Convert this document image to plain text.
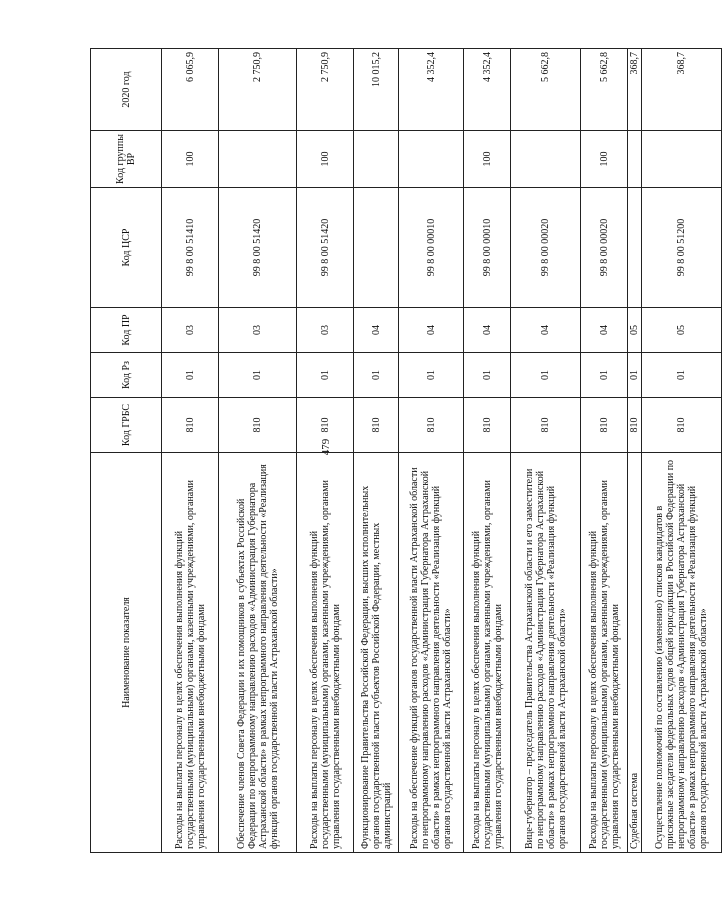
479
Наименование показателя	Код ГРБС	Код Рз	Код ПР	Код ЦСР	Код группы ВР	2020 год
Расходы на выплаты персоналу в целях обеспечения выполнения функций государственными (муниципальными) органами, казенными учреждениями, органами управления государственными внебюджетными фондами	810	01	03	99 8 00 51410	100	6 065,9
Обеспечение членов Совета Федерации и их помощников в субъектах Российской Федерации по непрограммному направлению расходов «Администрация Губернатора Астраханской области» в рамках непрограммного направления деятельности «Реализация функций органов государственной власти Астраханской области»	810	01	03	99 8 00 51420		2 750,9
Расходы на выплаты персоналу в целях обеспечения выполнения функций государственными (муниципальными) органами, казенными учреждениями, органами управления государственными внебюджетными фондами	810	01	03	99 8 00 51420	100	2 750,9
Функционирование Правительства Российской Федерации, высших исполнительных органов государственной власти субъектов Российской Федерации, местных администраций	810	01	04			10 015,2
Расходы на обеспечение функций органов государственной власти Астраханской области по непрограммному направлению расходов «Администрация Губернатора Астраханской области» в рамках непрограммного направления деятельности «Реализация функций органов государственной власти Астраханской области»	810	01	04	99 8 00 00010		4 352,4
Расходы на выплаты персоналу в целях обеспечения выполнения функций государственными (муниципальными) органами, казенными учреждениями, органами управления государственными внебюджетными фондами	810	01	04	99 8 00 00010	100	4 352,4
Вице-губернатор – председатель Правительства Астраханской области и его заместители по непрограммному направлению расходов «Администрация Губернатора Астраханской области» в рамках непрограммного направления деятельности «Реализация функций органов государственной власти Астраханской области»	810	01	04	99 8 00 00020		5 662,8
Расходы на выплаты персоналу в целях обеспечения выполнения функций государственными (муниципальными) органами, казенными учреждениями, органами управления государственными внебюджетными фондами	810	01	04	99 8 00 00020	100	5 662,8
Судебная система	810	01	05			368,7
Осуществление полномочий по составлению (изменению) списков кандидатов в присяжные заседатели федеральных судов общей юрисдикции в Российской Федерации по непрограммному направлению расходов «Администрация Губернатора Астраханской области» в рамках непрограммного направления деятельности «Реализация функций органов государственной власти Астраханской области»	810	01	05	99 8 00 51200		368,7
